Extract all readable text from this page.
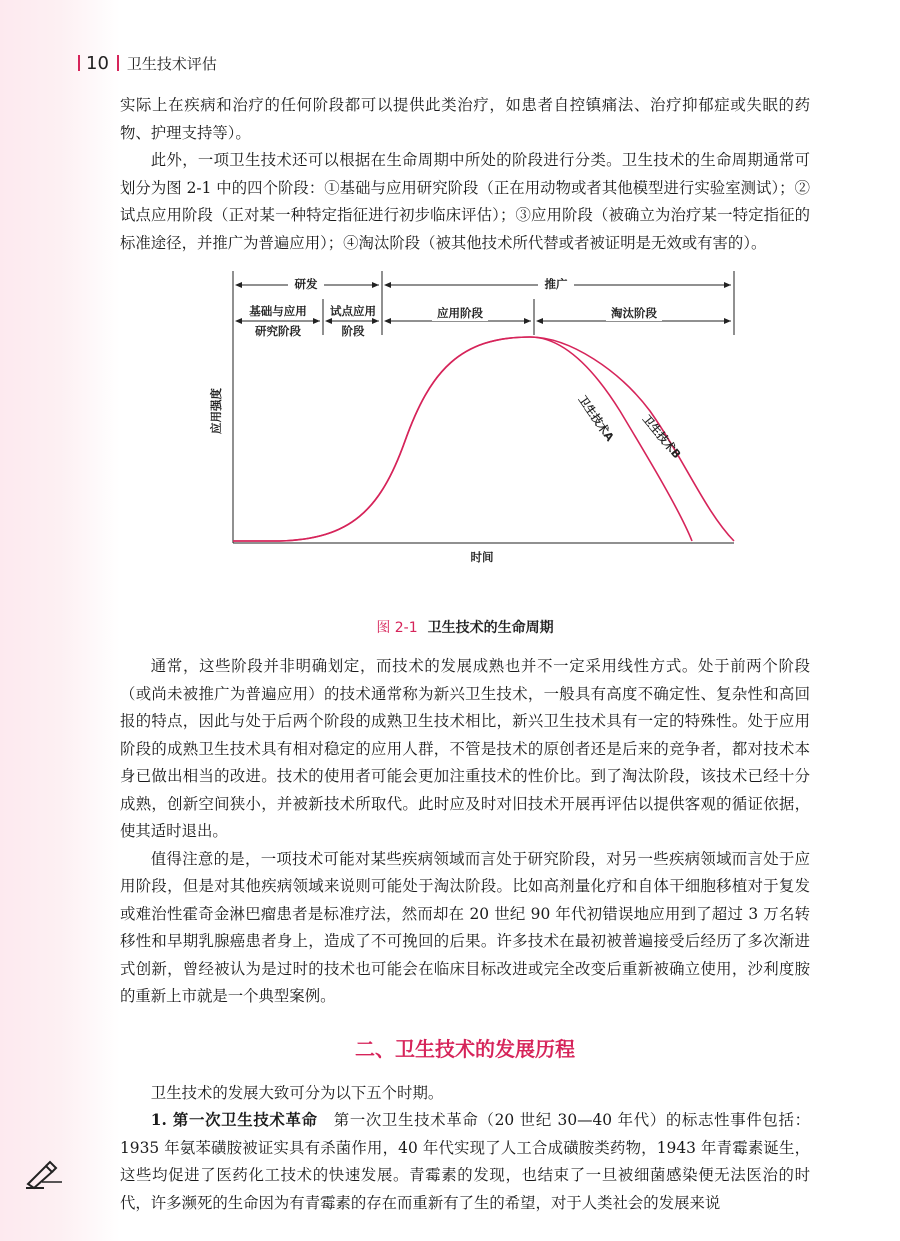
10 卫生技术评估

实际上在疾病和治疗的任何阶段都可以提供此类治疗，如患者自控镇痛法、治疗抑郁症或失眠的药物、护理支持等）。

此外，一项卫生技术还可以根据在生命周期中所处的阶段进行分类。卫生技术的生命周期通常可划分为图 2-1 中的四个阶段：①基础与应用研究阶段（正在用动物或者其他模型进行实验室测试）；②试点应用阶段（正对某一种特定指征进行初步临床评估）；③应用阶段（被确立为治疗某一特定指征的标准途径，并推广为普遍应用）；④淘汰阶段（被其他技术所代替或者被证明是无效或有害的）。

研发	推广
基础与应用
研究阶段
试点应用
阶段
应用阶段	淘汰阶段
时间
应用强度	卫生技术A 卫生技术B
图 2-1 卫生技术的生命周期

通常，这些阶段并非明确划定，而技术的发展成熟也并不一定采用线性方式。处于前两个阶段（或尚未被推广为普遍应用）的技术通常称为新兴卫生技术，一般具有高度不确定性、复杂性和高回报的特点，因此与处于后两个阶段的成熟卫生技术相比，新兴卫生技术具有一定的特殊性。处于应用阶段的成熟卫生技术具有相对稳定的应用人群，不管是技术的原创者还是后来的竞争者，都对技术本身已做出相当的改进。技术的使用者可能会更加注重技术的性价比。到了淘汰阶段，该技术已经十分成熟，创新空间狭小，并被新技术所取代。此时应及时对旧技术开展再评估以提供客观的循证依据，使其适时退出。

值得注意的是，一项技术可能对某些疾病领域而言处于研究阶段，对另一些疾病领域而言处于应用阶段，但是对其他疾病领域来说则可能处于淘汰阶段。比如高剂量化疗和自体干细胞移植对于复发或难治性霍奇金淋巴瘤患者是标准疗法，然而却在 20 世纪 90 年代初错误地应用到了超过 3 万名转移性和早期乳腺癌患者身上，造成了不可挽回的后果。许多技术在最初被普遍接受后经历了多次渐进式创新，曾经被认为是过时的技术也可能会在临床目标改进或完全改变后重新被确立使用，沙利度胺的重新上市就是一个典型案例。

二、卫生技术的发展历程

卫生技术的发展大致可分为以下五个时期。

1. 第一次卫生技术革命　 第一次卫生技术革命（20 世纪 30—40 年代）的标志性事件包括：1935 年氨苯磺胺被证实具有杀菌作用，40 年代实现了人工合成磺胺类药物，1943 年青霉素诞生，这些均促进了医药化工技术的快速发展。青霉素的发现，也结束了一旦被细菌感染便无法医治的时代，许多濒死的生命因为有青霉素的存在而重新有了生的希望，对于人类社会的发展来说
